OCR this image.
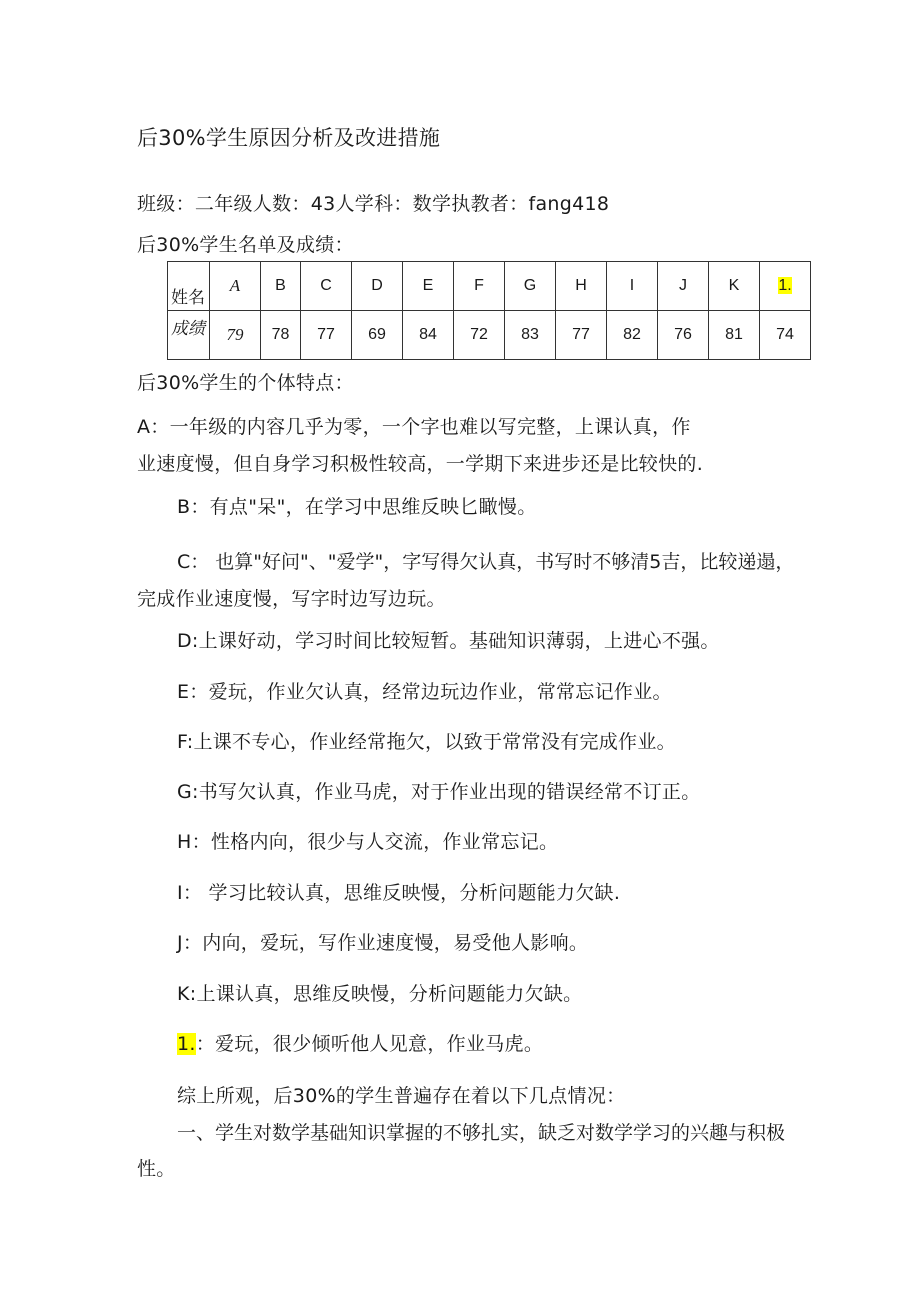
后30%学生原因分析及改进措施
班级：二年级人数：43人学科：数学执教者：fang418
后30%学生名单及成绩：
姓名	A	B	C	D	E	F	G	H	I	J	K	1.

成绩	79	78	77	69	84	72	83	77	82	76	81	74
后30%学生的个体特点：
A：一年级的内容几乎为零，一个字也难以写完整，上课认真，作
业速度慢，但自身学习积极性较高，一学期下来进步还是比较快的.
B：有点"呆"，在学习中思维反映匕瞰慢。
C： 也算"好问"、"爱学"，字写得欠认真，书写时不够清5吉，比较递遢，
完成作业速度慢，写字时边写边玩。
D:上课好动，学习时间比较短暂。基础知识薄弱，上进心不强。
E：爱玩，作业欠认真，经常边玩边作业，常常忘记作业。
F:上课不专心，作业经常拖欠，以致于常常没有完成作业。
G:书写欠认真，作业马虎，对于作业出现的错误经常不订正。
H：性格内向，很少与人交流，作业常忘记。
I： 学习比较认真，思维反映慢，分析问题能力欠缺.
J：内向，爱玩，写作业速度慢，易受他人影响。
K:上课认真，思维反映慢，分析问题能力欠缺。
1.：爱玩，很少倾听他人见意，作业马虎。
综上所观，后30%的学生普遍存在着以下几点情况：
一、学生对数学基础知识掌握的不够扎实，缺乏对数学学习的兴趣与积极
性。
